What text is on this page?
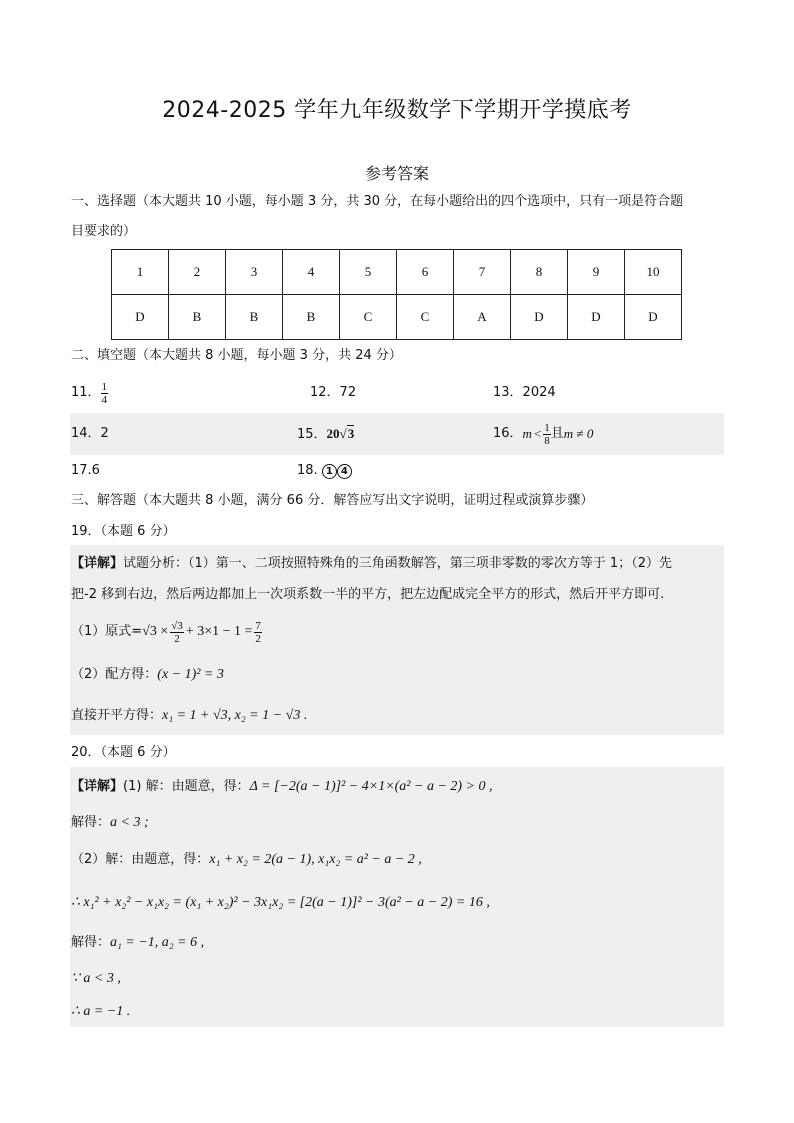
2024-2025 学年九年级数学下学期开学摸底考
参考答案
一、选择题（本大题共 10 小题，每小题 3 分，共 30 分，在每小题给出的四个选项中，只有一项是符合题
目要求的）
1	2	3	4	5	6	7	8	9	10
D	B	B	B	C	C	A	D	D	D
二、填空题（本大题共 8 小题，每小题 3 分，共 24 分）
11． $\frac{1}{4}$	12．72	13．2024
14．2	15．20√3	16． $m < \frac{1}{8}$ 且 m ≠ 0
17.6	18. 1 4
三、解答题（本大题共 8 小题，满分 66 分．解答应写出文字说明，证明过程或演算步骤）
19．（本题 6 分）
【详解】试题分析：（1）第一、二项按照特殊角的三角函数解答，第三项非零数的零次方等于 1；（2）先
把-2 移到右边，然后两边都加上一次项系数一半的平方，把左边配成完全平方的形式，然后开平方即可.
（1）原式= $√3 \times \frac{√3}{2} + 3\times 1 - 1 = \frac{7}{2}$
（2）配方得：(x − 1)² = 3
直接开平方得：x₁ = 1 + √3, x₂ = 1 − √3 .
20．（本题 6 分）
【详解】(1) 解：由题意，得：Δ = [−2(a − 1)]² − 4×1×(a² − a − 2) > 0 ,
解得：a < 3 ;
（2）解：由题意，得：x₁ + x₂ = 2(a − 1), x₁x₂ = a² − a − 2 ,
∴ x₁² + x₂² − x₁x₂ = (x₁ + x₂)² − 3x₁x₂ = [2(a − 1)]² − 3(a² − a − 2) = 16 ,
解得：a₁ = −1, a₂ = 6 ,
∵ a < 3 ,
∴ a = −1 .
